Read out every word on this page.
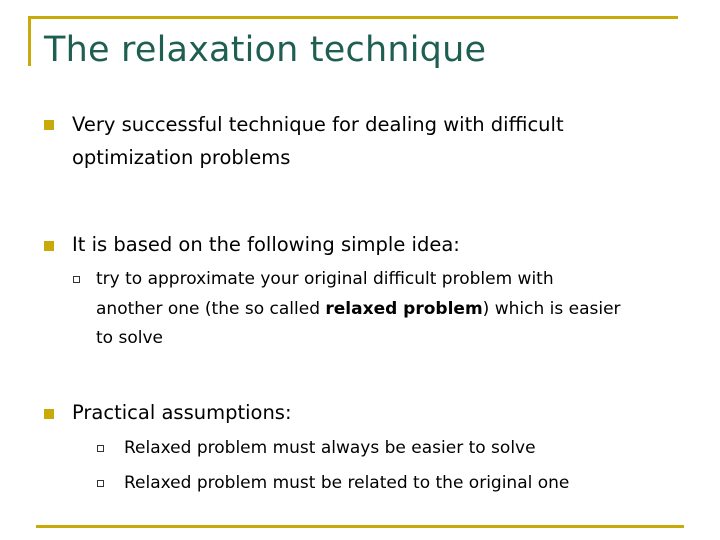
The relaxation technique
Very successful technique for dealing with difficult
optimization problems
It is based on the following simple idea:
try to approximate your original difficult problem with
another one (the so called relaxed problem) which is easier
to solve
Practical assumptions:
Relaxed problem must always be easier to solve
Relaxed problem must be related to the original one
